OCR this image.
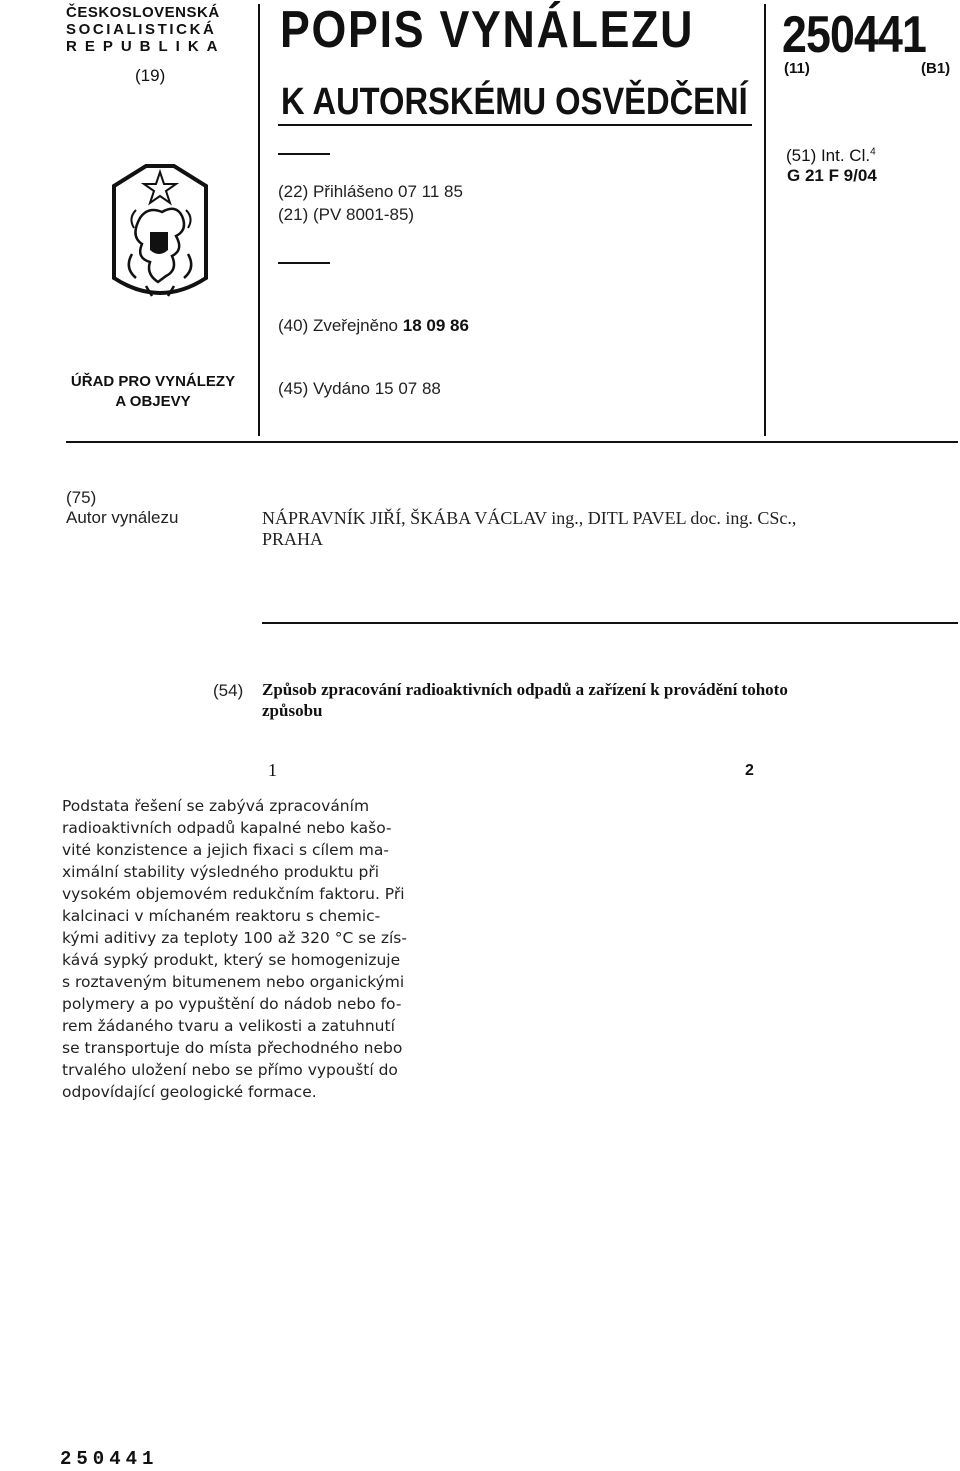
ČESKOSLOVENSKÁ
SOCIALISTICKÁ
REPUBLIKA
(19)
ÚŘAD PRO VYNÁLEZY
A OBJEVY
POPIS VYNÁLEZU
K AUTORSKÉMU OSVĚDČENÍ
(22) Přihlášeno 07 11 85
(21) (PV 8001-85)
(40) Zveřejněno 18 09 86
(45) Vydáno 15 07 88
250441
(11)	(B1)
(51) Int. Cl.$^4$
G 21 F 9/04
(75)
Autor vynálezu	NÁPRAVNÍK JIŘÍ, ŠKÁBA VÁCLAV ing., DITL PAVEL doc. ing. CSc.,
PRAHA
(54) Způsob zpracování radioaktivních odpadů a zařízení k provádění tohoto
způsobu
1	2
Podstata řešení se zabývá zpracováním
radioaktivních odpadů kapalné nebo kašo-
vité konzistence a jejich fixaci s cílem ma-
ximální stability výsledného produktu při
vysokém objemovém redukčním faktoru. Při
kalcinaci v míchaném reaktoru s chemic-
kými aditivy za teploty 100 až 320 °C se zís-
kává sypký produkt, který se homogenizuje
s roztaveným bitumenem nebo organickými
polymery a po vypuštění do nádob nebo fo-
rem žádaného tvaru a velikosti a zatuhnutí
se transportuje do místa přechodného nebo
trvalého uložení nebo se přímo vypouští do
odpovídající geologické formace.
250441
